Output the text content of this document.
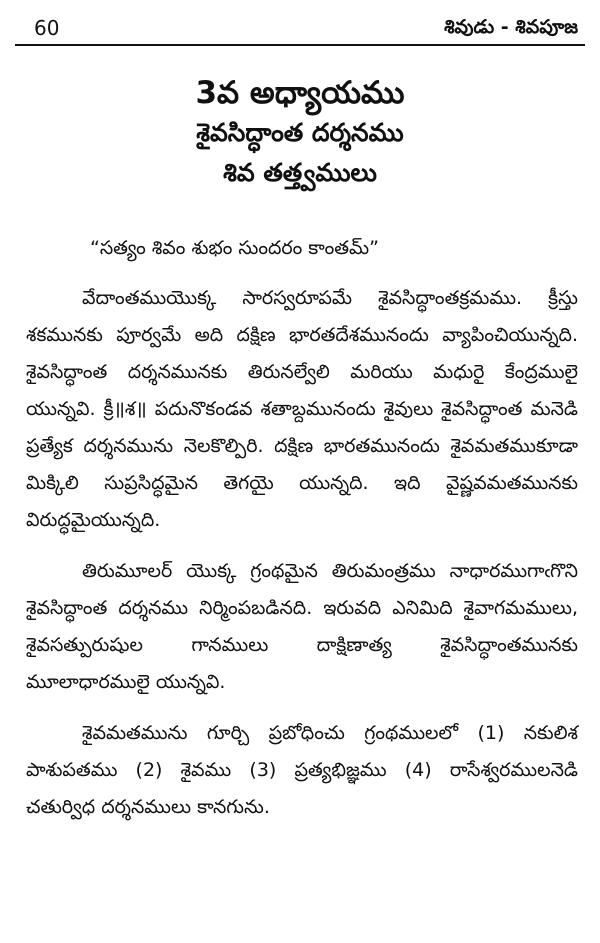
60	శివుడు - శివపూజ
3వ అధ్యాయము
శైవసిద్ధాంత దర్శనము
శివ తత్త్వములు

“సత్యం శివం శుభం సుందరం కాంతమ్”

వేదాంతముయొక్క సారస్వరూపమే శైవసిద్ధాంతక్రమము. క్రీస్తు శకమునకు పూర్వమే అది దక్షిణ భారతదేశమునందు వ్యాపించియున్నది. శైవసిద్ధాంత దర్శనమునకు తిరునల్వేలి మరియు మధురై కేంద్రములై యున్నవి. క్రీ॥శ॥ పదునొకండవ శతాబ్దమునందు శైవులు శైవసిద్ధాంత మనెడి ప్రత్యేక దర్శనమును నెలకొల్పిరి. దక్షిణ భారతమునందు శైవమతముకూడా మిక్కిలి సుప్రసిద్ధమైన తెగయై యున్నది. ఇది వైష్ణవమతమునకు విరుద్ధమైయున్నది.

తిరుమూలర్ యొక్క గ్రంథమైన తిరుమంత్రము నాధారముగాఁగొని శైవసిద్ధాంత దర్శనము నిర్మింపబడినది. ఇరువది ఎనిమిది శైవాగమములు, శైవసత్పురుషుల గానములు దాక్షిణాత్య శైవసిద్ధాంతమునకు మూలాధారములై యున్నవి.

శైవమతమును గూర్చి ప్రబోధించు గ్రంథములలో (1) నకులిశ పాశుపతము (2) శైవము (3) ప్రత్యభిజ్ఞము (4) రాసేశ్వరములనెడి చతుర్విధ దర్శనములు కానగును.
